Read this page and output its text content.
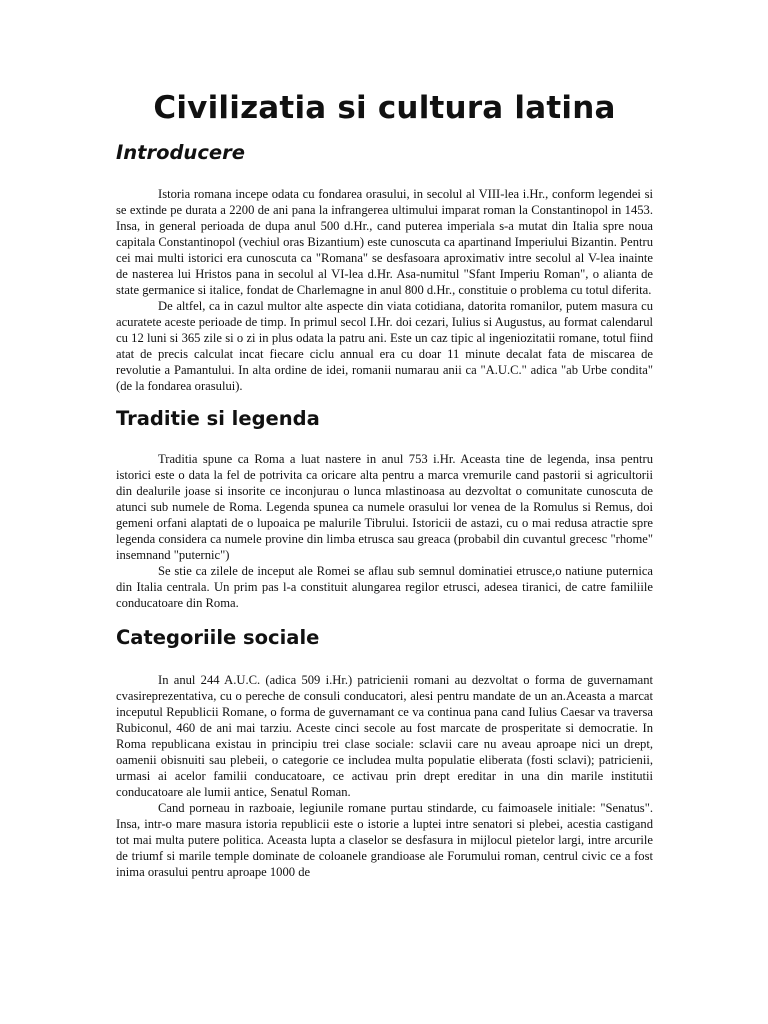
Civilizatia si cultura latina
Introducere

Istoria romana incepe odata cu fondarea orasului, in secolul al VIII-lea i.Hr., conform legendei si se extinde pe durata a 2200 de ani pana la infrangerea ultimului imparat roman la Constantinopol in 1453. Insa, in general perioada de dupa anul 500 d.Hr., cand puterea imperiala s-a mutat din Italia spre noua capitala Constantinopol (vechiul oras Bizantium) este cunoscuta ca apartinand Imperiului Bizantin. Pentru cei mai multi istorici era cunoscuta ca "Romana" se desfasoara aproximativ intre secolul al V-lea inainte de nasterea lui Hristos pana in secolul al VI-lea d.Hr. Asa-numitul "Sfant Imperiu Roman", o alianta de state germanice si italice, fondat de Charlemagne in anul 800 d.Hr., constituie o problema cu totul diferita.

De altfel, ca in cazul multor alte aspecte din viata cotidiana, datorita romanilor, putem masura cu acuratete aceste perioade de timp. In primul secol I.Hr. doi cezari, Iulius si Augustus, au format calendarul cu 12 luni si 365 zile si o zi in plus odata la patru ani. Este un caz tipic al ingeniozitatii romane, totul fiind atat de precis calculat incat fiecare ciclu annual era cu doar 11 minute decalat fata de miscarea de revolutie a Pamantului. In alta ordine de idei, romanii numarau anii ca "A.U.C." adica "ab Urbe condita" (de la fondarea orasului).

Traditie si legenda

Traditia spune ca Roma a luat nastere in anul 753 i.Hr. Aceasta tine de legenda, insa pentru istorici este o data la fel de potrivita ca oricare alta pentru a marca vremurile cand pastorii si agricultorii din dealurile joase si insorite ce inconjurau o lunca mlastinoasa au dezvoltat o comunitate cunoscuta de atunci sub numele de Roma. Legenda spunea ca numele orasului lor venea de la Romulus si Remus, doi gemeni orfani alaptati de o lupoaica pe malurile Tibrului. Istoricii de astazi, cu o mai redusa atractie spre legenda considera ca numele provine din limba etrusca sau greaca (probabil din cuvantul grecesc "rhome" insemnand "puternic")

Se stie ca zilele de inceput ale Romei se aflau sub semnul dominatiei etrusce,o natiune puternica din Italia centrala. Un prim pas l-a constituit alungarea regilor etrusci, adesea tiranici, de catre familiile conducatoare din Roma.

Categoriile sociale

In anul 244 A.U.C. (adica 509 i.Hr.) patricienii romani au dezvoltat o forma de guvernamant cvasireprezentativa, cu o pereche de consuli conducatori, alesi pentru mandate de un an.Aceasta a marcat inceputul Republicii Romane, o forma de guvernamant ce va continua pana cand Iulius Caesar va traversa Rubiconul, 460 de ani mai tarziu. Aceste cinci secole au fost marcate de prosperitate si democratie. In Roma republicana existau in principiu trei clase sociale: sclavii care nu aveau aproape nici un drept, oamenii obisnuiti sau plebeii, o categorie ce includea multa populatie eliberata (fosti sclavi); patricienii, urmasi ai acelor familii conducatoare, ce activau prin drept ereditar in una din marile institutii conducatoare ale lumii antice, Senatul Roman.

Cand porneau in razboaie, legiunile romane purtau stindarde, cu faimoasele initiale: "Senatus". Insa, intr-o mare masura istoria republicii este o istorie a luptei intre senatori si plebei, acestia castigand tot mai multa putere politica. Aceasta lupta a claselor se desfasura in mijlocul pietelor largi, intre arcurile de triumf si marile temple dominate de coloanele grandioase ale Forumului roman, centrul civic ce a fost inima orasului pentru aproape 1000 de
